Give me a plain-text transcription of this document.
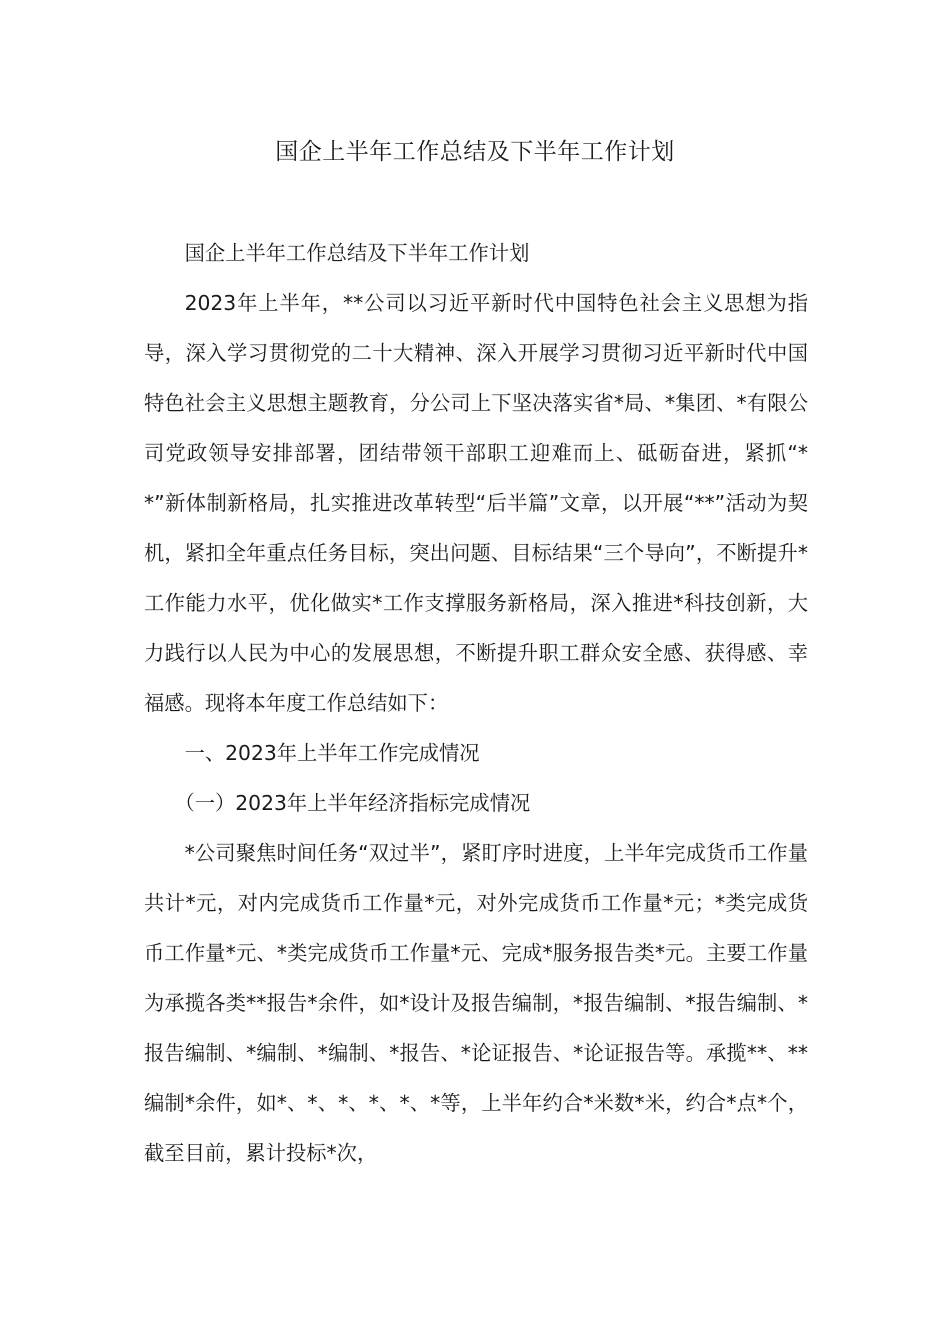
国企上半年工作总结及下半年工作计划

国企上半年工作总结及下半年工作计划

2023年上半年，**公司以习近平新时代中国特色社会主义思想为指导，深入学习贯彻党的二十大精神、深入开展学习贯彻习近平新时代中国特色社会主义思想主题教育，分公司上下坚决落实省*局、*集团、*有限公司党政领导安排部署，团结带领干部职工迎难而上、砥砺奋进，紧抓“**”新体制新格局，扎实推进改革转型“后半篇”文章，以开展“**”活动为契机，紧扣全年重点任务目标，突出问题、目标结果“三个导向”，不断提升*工作能力水平，优化做实*工作支撑服务新格局，深入推进*科技创新，大力践行以人民为中心的发展思想，不断提升职工群众安全感、获得感、幸福感。现将本年度工作总结如下：

一、2023年上半年工作完成情况

（一）2023年上半年经济指标完成情况

*公司聚焦时间任务“双过半”，紧盯序时进度，上半年完成货币工作量共计*元，对内完成货币工作量*元，对外完成货币工作量*元；*类完成货币工作量*元、*类完成货币工作量*元、完成*服务报告类*元。主要工作量为承揽各类**报告*余件，如*设计及报告编制，*报告编制、*报告编制、*报告编制、*编制、*编制、*报告、*论证报告、*论证报告等。承揽**、**编制*余件，如*、*、*、*、*、*等，上半年约合*米数*米，约合*点*个，截至目前，累计投标*次，
